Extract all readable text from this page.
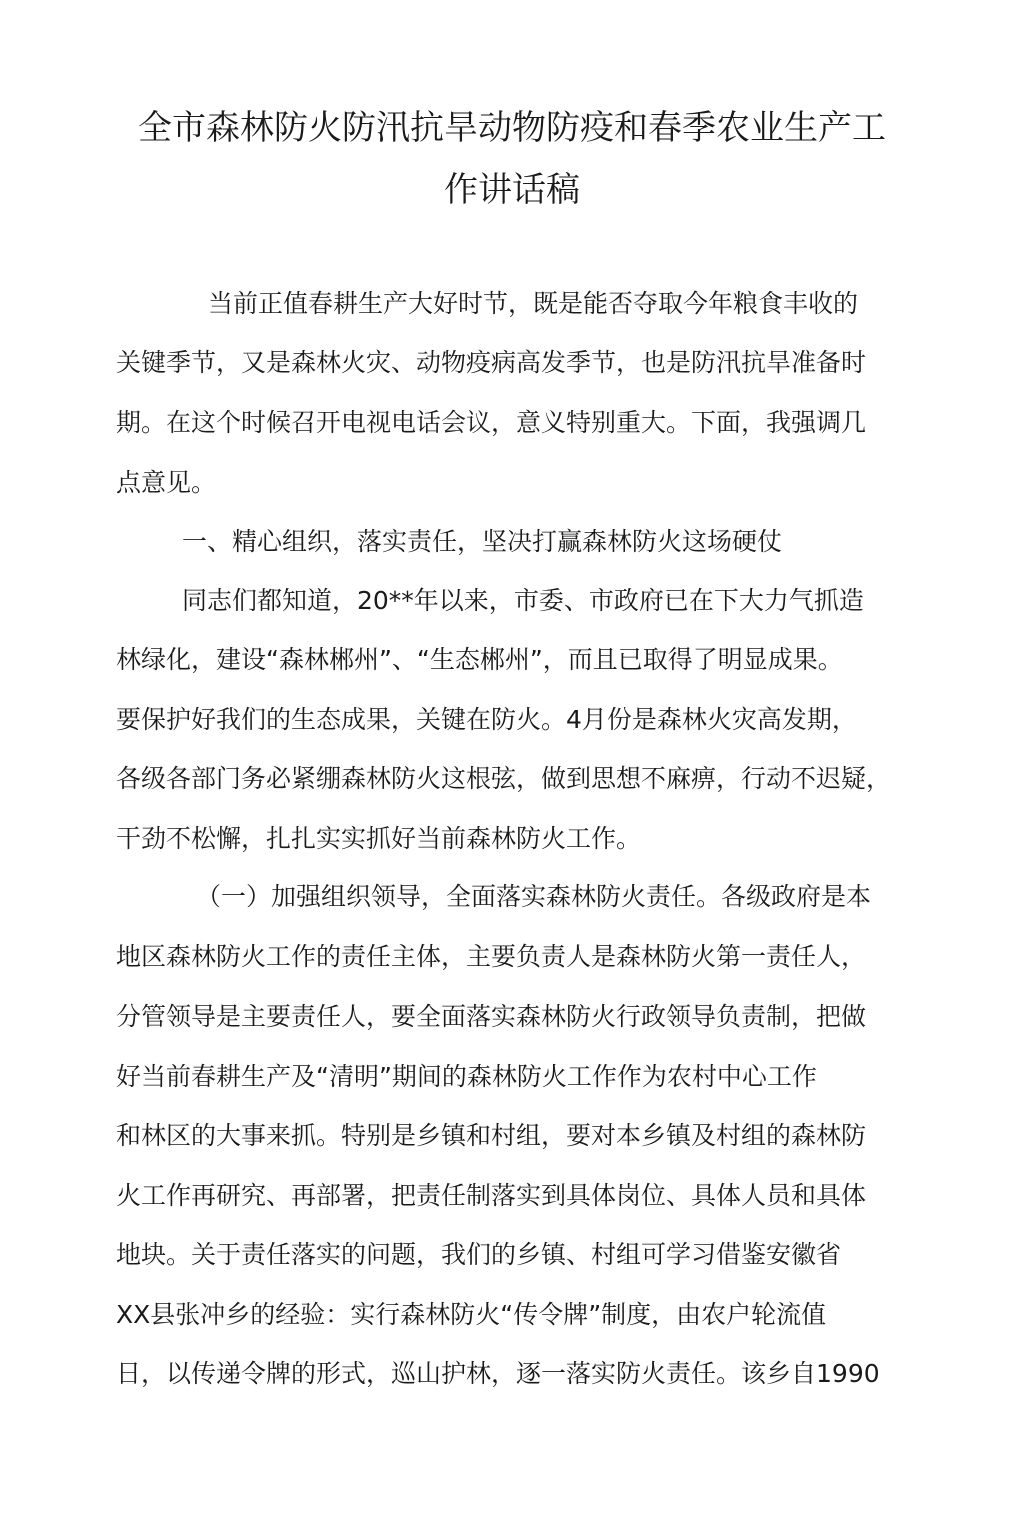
全市森林防火防汛抗旱动物防疫和春季农业生产工
作讲话稿
当前正值春耕生产大好时节，既是能否夺取今年粮食丰收的
关键季节，又是森林火灾、动物疫病高发季节，也是防汛抗旱准备时
期。在这个时候召开电视电话会议，意义特别重大。下面，我强调几
点意见。
一、精心组织，落实责任，坚决打赢森林防火这场硬仗
同志们都知道，20**年以来，市委、市政府已在下大力气抓造
林绿化，建设“森林郴州”、“生态郴州”，而且已取得了明显成果。
要保护好我们的生态成果，关键在防火。4月份是森林火灾高发期，
各级各部门务必紧绷森林防火这根弦，做到思想不麻痹，行动不迟疑，
干劲不松懈，扎扎实实抓好当前森林防火工作。
（一）加强组织领导，全面落实森林防火责任。各级政府是本
地区森林防火工作的责任主体，主要负责人是森林防火第一责任人，
分管领导是主要责任人，要全面落实森林防火行政领导负责制，把做
好当前春耕生产及“清明”期间的森林防火工作作为农村中心工作
和林区的大事来抓。特别是乡镇和村组，要对本乡镇及村组的森林防
火工作再研究、再部署，把责任制落实到具体岗位、具体人员和具体
地块。关于责任落实的问题，我们的乡镇、村组可学习借鉴安徽省
XX县张冲乡的经验：实行森林防火“传令牌”制度，由农户轮流值
日，以传递令牌的形式，巡山护林，逐一落实防火责任。该乡自1990
